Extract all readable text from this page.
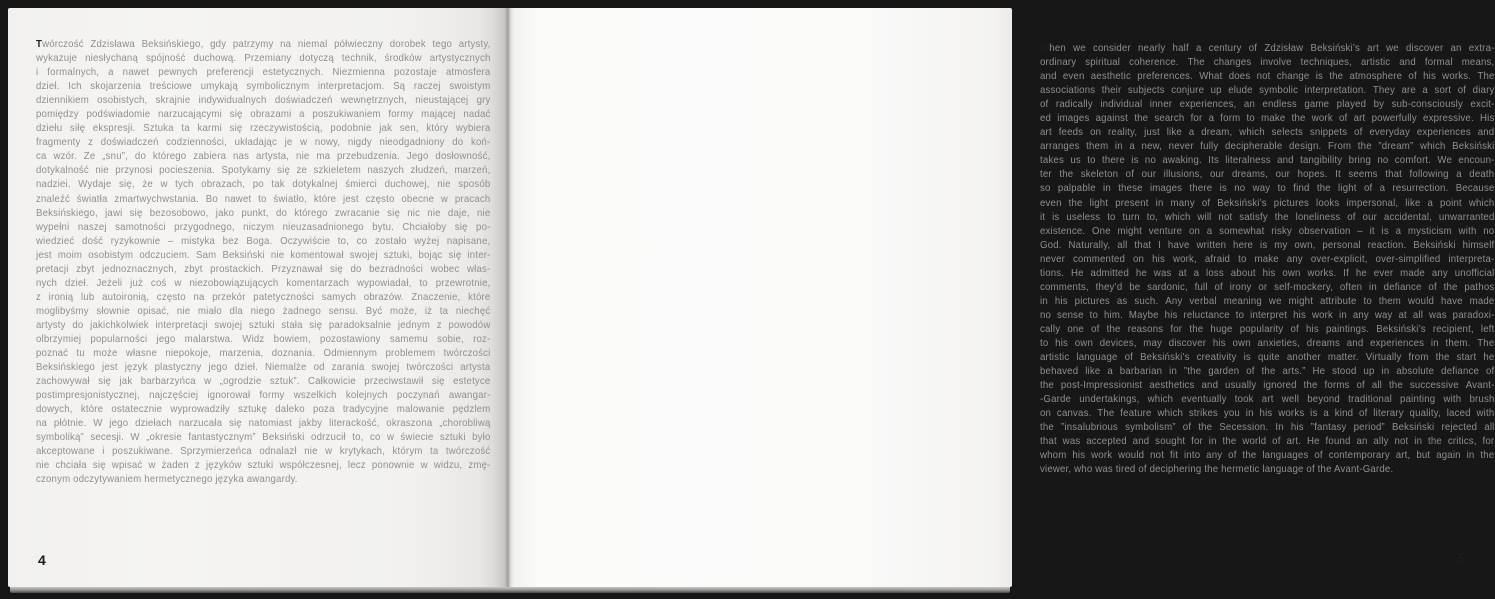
Twórczość Zdzisława Beksińskiego, gdy patrzymy na niemal półwieczny dorobek tego artysty,
wykazuje niesłychaną spójność duchową. Przemiany dotyczą technik, środków artystycznych
i formalnych, a nawet pewnych preferencji estetycznych. Niezmienna pozostaje atmosfera
dzieł. Ich skojarzenia treściowe umykają symbolicznym interpretacjom. Są raczej swoistym
dziennikiem osobistych, skrajnie indywidualnych doświadczeń wewnętrznych, nieustającej gry
pomiędzy podświadomie narzucającymi się obrazami a poszukiwaniem formy mającej nadać
dziełu siłę ekspresji. Sztuka ta karmi się rzeczywistością, podobnie jak sen, który wybiera
fragmenty z doświadczeń codzienności, układając je w nowy, nigdy nieodgadniony do koń-
ca wzór. Ze „snu”, do którego zabiera nas artysta, nie ma przebudzenia. Jego dosłowność,
dotykalność nie przynosi pocieszenia. Spotykamy się ze szkieletem naszych złudzeń, marzeń,
nadziei. Wydaje się, że w tych obrazach, po tak dotykalnej śmierci duchowej, nie sposób
znaleźć światła zmartwychwstania. Bo nawet to światło, które jest często obecne w pracach
Beksińskiego, jawi się bezosobowo, jako punkt, do którego zwracanie się nic nie daje, nie
wypełni naszej samotności przygodnego, niczym nieuzasadnionego bytu. Chciałoby się po-
wiedzieć dość ryzykownie – mistyka bez Boga. Oczywiście to, co zostało wyżej napisane,
jest moim osobistym odczuciem. Sam Beksiński nie komentował swojej sztuki, bojąc się inter-
pretacji zbyt jednoznacznych, zbyt prostackich. Przyznawał się do bezradności wobec włas-
nych dzieł. Jeżeli już coś w niezobowiązujących komentarzach wypowiadał, to przewrotnie,
z ironią lub autoironią, często na przekór patetyczności samych obrazów. Znaczenie, które
moglibyśmy słownie opisać, nie miało dla niego żadnego sensu. Być może, iż ta niechęć
artysty do jakichkolwiek interpretacji swojej sztuki stała się paradoksalnie jednym z powodów
olbrzymiej popularności jego malarstwa. Widz bowiem, pozostawiony samemu sobie, roz-
poznać tu może własne niepokoje, marzenia, doznania. Odmiennym problemem twórczości
Beksińskiego jest język plastyczny jego dzieł. Niemalże od zarania swojej twórczości artysta
zachowywał się jak barbarzyńca w „ogrodzie sztuk”. Całkowicie przeciwstawił się estetyce
postimpresjonistycznej, najczęściej ignorował formy wszelkich kolejnych poczynań awangar-
dowych, które ostatecznie wyprowadziły sztukę daleko poza tradycyjne malowanie pędzlem
na płótnie. W jego dziełach narzucała się natomiast jakby literackość, okraszona „chorobliwą
symboliką” secesji. W „okresie fantastycznym” Beksiński odrzucił to, co w świecie sztuki było
akceptowane i poszukiwane. Sprzymierzeńca odnalazł nie w krytykach, którym ta twórczość
nie chciała się wpisać w żaden z języków sztuki współczesnej, lecz ponownie w widzu, zmę-
czonym odczytywaniem hermetycznego języka awangardy.
4
When we consider nearly half a century of Zdzisław Beksiński’s art we discover an extra-
ordinary spiritual coherence. The changes involve techniques, artistic and formal means,
and even aesthetic preferences. What does not change is the atmosphere of his works. The
associations their subjects conjure up elude symbolic interpretation. They are a sort of diary
of radically individual inner experiences, an endless game played by sub-consciously excit-
ed images against the search for a form to make the work of art powerfully expressive. His
art feeds on reality, just like a dream, which selects snippets of everyday experiences and
arranges them in a new, never fully decipherable design. From the ”dream” which Beksiński
takes us to there is no awaking. Its literalness and tangibility bring no comfort. We encoun-
ter the skeleton of our illusions, our dreams, our hopes. It seems that following a death
so palpable in these images there is no way to find the light of a resurrection. Because
even the light present in many of Beksiński’s pictures looks impersonal, like a point which
it is useless to turn to, which will not satisfy the loneliness of our accidental, unwarranted
existence. One might venture on a somewhat risky observation – it is a mysticism with no
God. Naturally, all that I have written here is my own, personal reaction. Beksiński himself
never commented on his work, afraid to make any over-explicit, over-simplified interpreta-
tions. He admitted he was at a loss about his own works. If he ever made any unofficial
comments, they’d be sardonic, full of irony or self-mockery, often in defiance of the pathos
in his pictures as such. Any verbal meaning we might attribute to them would have made
no sense to him. Maybe his reluctance to interpret his work in any way at all was paradoxi-
cally one of the reasons for the huge popularity of his paintings. Beksiński’s recipient, left
to his own devices, may discover his own anxieties, dreams and experiences in them. The
artistic language of Beksiński’s creativity is quite another matter. Virtually from the start he
behaved like a barbarian in ”the garden of the arts.” He stood up in absolute defiance of
the post-Impressionist aesthetics and usually ignored the forms of all the successive Avant-
-Garde undertakings, which eventually took art well beyond traditional painting with brush
on canvas. The feature which strikes you in his works is a kind of literary quality, laced with
the ”insalubrious symbolism” of the Secession. In his ”fantasy period” Beksiński rejected all
that was accepted and sought for in the world of art. He found an ally not in the critics, for
whom his work would not fit into any of the languages of contemporary art, but again in the
viewer, who was tired of deciphering the hermetic language of the Avant-Garde.
5
